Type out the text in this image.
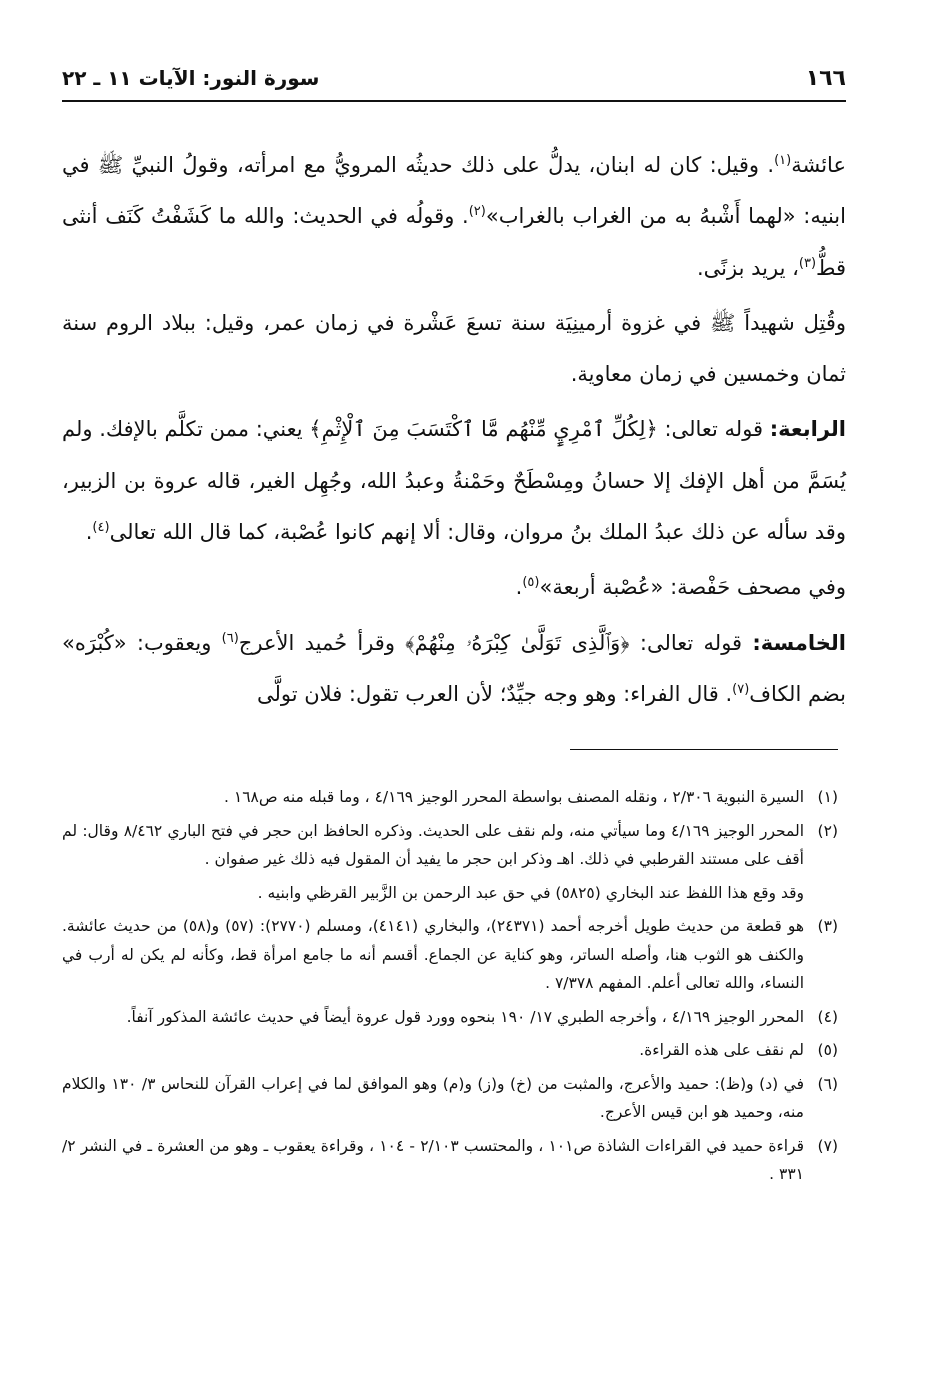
سورة النور: الآيات ١١ ـ ٢٢	١٦٦

عائشة$^{(١)}$. وقيل: كان له ابنان، يدلُّ على ذلك حديثُه المرويُّ مع امرأته، وقولُ النبيِّ ﷺ في ابنيه: «لهما أَشْبهُ به من الغراب بالغراب»$^{(٢)}$. وقولُه في الحديث: والله ما كَشَفْتُ كَنَف أنثى قطُّ$^{(٣)}$، يريد بزنًى.

وقُتِل شهيداً ﷺ في غزوة أرمينِيَة سنة تسعَ عَشْرة في زمان عمر، وقيل: ببلاد الروم سنة ثمان وخمسين في زمان معاوية.

الرابعة: قوله تعالى: ﴿لِكُلِّ ٱمْرِيٍٕ مِّنْهُم مَّا ٱكْتَسَبَ مِنَ ٱلْإِثْمِ﴾ يعني: ممن تكلَّم بالإفك. ولم يُسَمَّ من أهل الإفك إلا حسانُ ومِسْطَحٌ وحَمْنةُ وعبدُ الله، وجُهِل الغير، قاله عروة بن الزبير، وقد سأله عن ذلك عبدُ الملك بنُ مروان، وقال: ألا إنهم كانوا عُصْبة، كما قال الله تعالى$^{(٤)}$.

وفي مصحف حَفْصة: «عُصْبة أربعة»$^{(٥)}$.

الخامسة: قوله تعالى: ﴿وَٱلَّذِى تَوَلَّىٰ كِبْرَهُۥ مِنْهُمْ﴾ وقرأ حُميد الأعرج$^{(٦)}$ ويعقوب: «كُبْرَه» بضم الكاف$^{(٧)}$. قال الفراء: وهو وجه جيِّدٌ؛ لأن العرب تقول: فلان تولَّى

(١)
السيرة النبوية ٢/٣٠٦ ، ونقله المصنف بواسطة المحرر الوجيز ٤/١٦٩ ، وما قبله منه ص١٦٨ .
(٢)
المحرر الوجيز ٤/١٦٩ وما سيأتي منه، ولم نقف على الحديث. وذكره الحافظ ابن حجر في فتح الباري ٨/٤٦٢ وقال: لم أقف على مستند القرطبي في ذلك. اهـ وذكر ابن حجر ما يفيد أن المقول فيه ذلك غير صفوان .
وقد وقع هذا اللفظ عند البخاري (٥٨٢٥) في حق عبد الرحمن بن الزَّبير القرظي وابنيه .
(٣)
هو قطعة من حديث طويل أخرجه أحمد (٢٤٣٧١)، والبخاري (٤١٤١)، ومسلم (٢٧٧٠): (٥٧) و(٥٨) من حديث عائشة. والكنف هو الثوب هنا، وأصله الساتر، وهو كناية عن الجماع. أقسم أنه ما جامع امرأة قط، وكأنه لم يكن له أرب في النساء، والله تعالى أعلم. المفهم ٧/٣٧٨ .
(٤)
المحرر الوجيز ٤/١٦٩ ، وأخرجه الطبري ١٧/ ١٩٠ بنحوه وورد قول عروة أيضاً في حديث عائشة المذكور آنفاً.
(٥)
لم نقف على هذه القراءة.
(٦)
في (د) و(ظ): حميد والأعرج، والمثبت من (خ) و(ز) و(م) وهو الموافق لما في إعراب القرآن للنحاس ٣/ ١٣٠ والكلام منه، وحميد هو ابن قيس الأعرج.
(٧)
قراءة حميد في القراءات الشاذة ص١٠١ ، والمحتسب ٢/١٠٣ - ١٠٤ ، وقراءة يعقوب ـ وهو من العشرة ـ في النشر ٢/ ٣٣١ .
